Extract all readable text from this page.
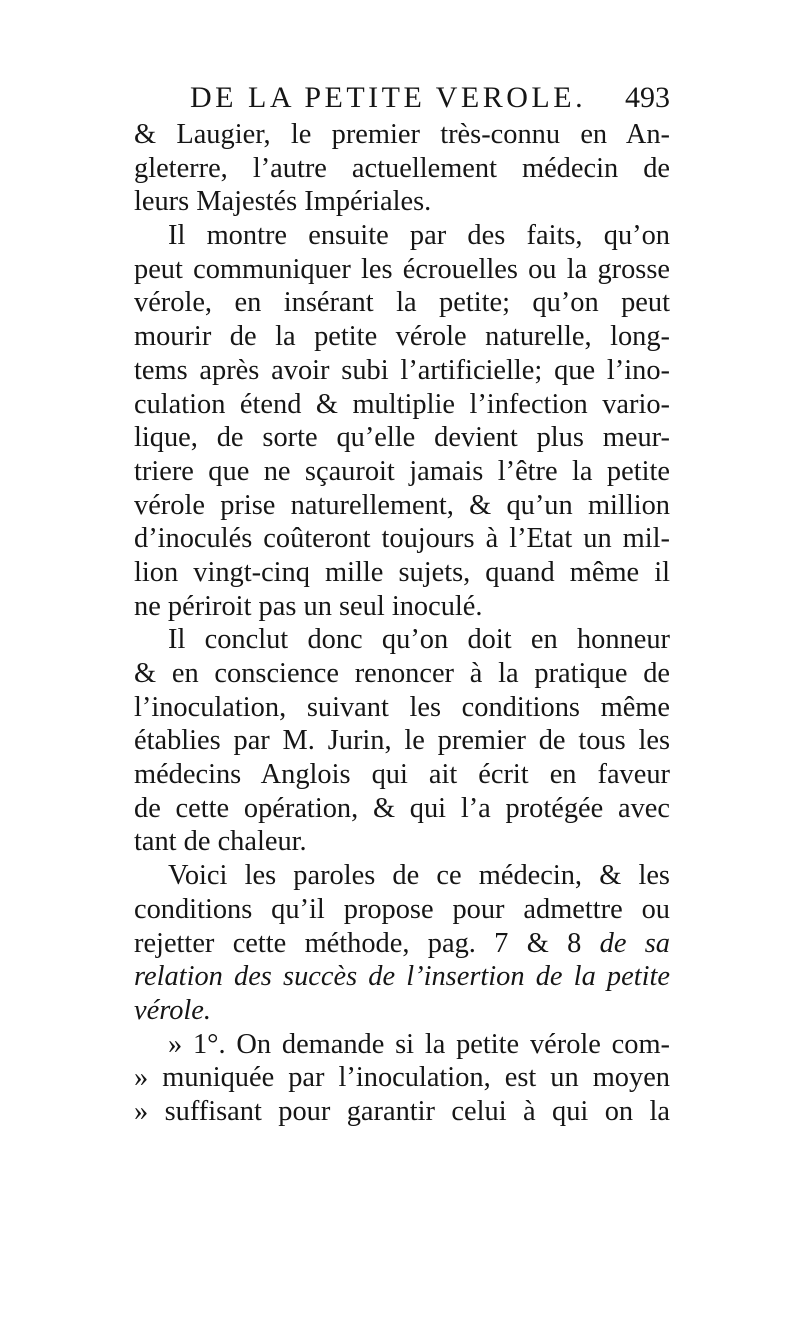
DE LA PETITE VEROLE. 493
& Laugier, le premier très-connu en An-
gleterre, l’autre actuellement médecin de
leurs Majestés Impériales.
Il montre ensuite par des faits, qu’on
peut communiquer les écrouelles ou la grosse
vérole, en insérant la petite; qu’on peut
mourir de la petite vérole naturelle, long-
tems après avoir subi l’artificielle; que l’ino-
culation étend & multiplie l’infection vario-
lique, de sorte qu’elle devient plus meur-
triere que ne sçauroit jamais l’être la petite
vérole prise naturellement, & qu’un million
d’inoculés coûteront toujours à l’Etat un mil-
lion vingt-cinq mille sujets, quand même il
ne périroit pas un seul inoculé.
Il conclut donc qu’on doit en honneur
& en conscience renoncer à la pratique de
l’inoculation, suivant les conditions même
établies par M. Jurin, le premier de tous les
médecins Anglois qui ait écrit en faveur
de cette opération, & qui l’a protégée avec
tant de chaleur.
Voici les paroles de ce médecin, & les
conditions qu’il propose pour admettre ou
rejetter cette méthode, pag. 7 & 8 de sa
relation des succès de l’insertion de la petite
vérole.
» 1°. On demande si la petite vérole com-
» muniquée par l’inoculation, est un moyen
» suffisant pour garantir celui à qui on la
